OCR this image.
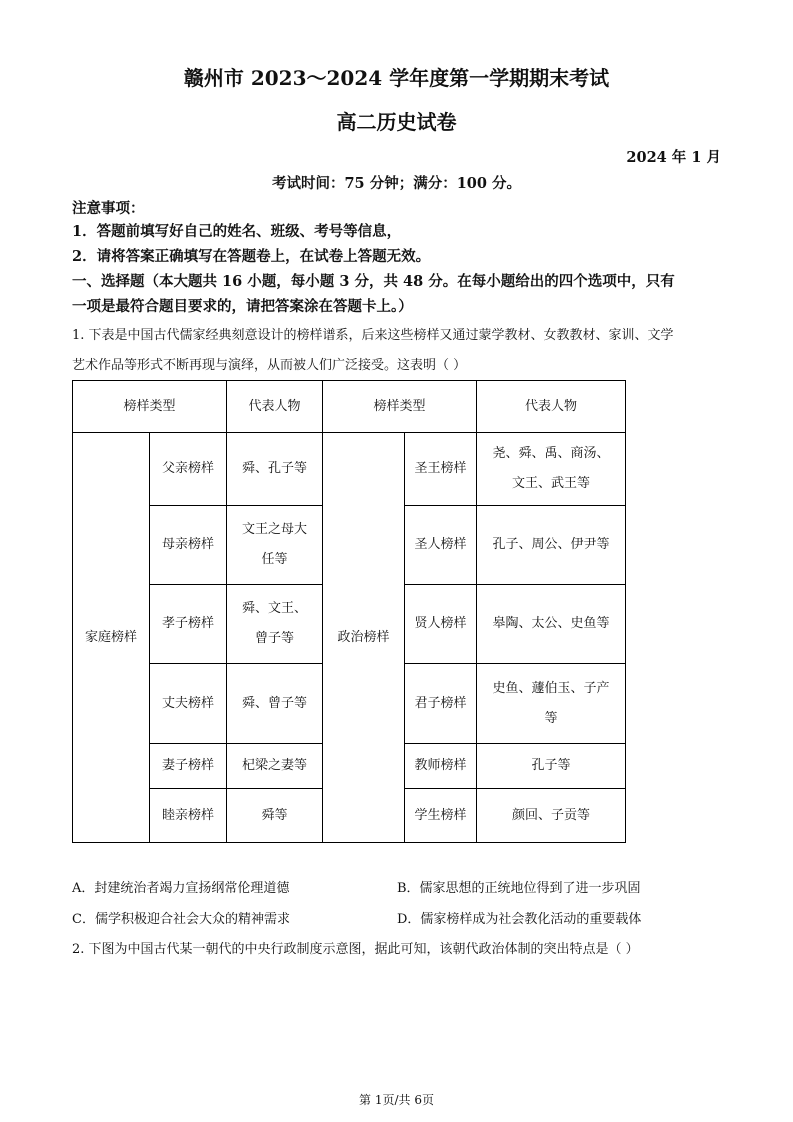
赣州市 2023～2024 学年度第一学期期末考试
高二历史试卷
2024 年 1 月
考试时间：75 分钟；满分：100 分。
注意事项：
1．答题前填写好自己的姓名、班级、考号等信息，
2．请将答案正确填写在答题卷上，在试卷上答题无效。
一、选择题（本大题共 16 小题，每小题 3 分，共 48 分。在每小题给出的四个选项中，只有
一项是最符合题目要求的，请把答案涂在答题卡上。）
1. 下表是中国古代儒家经典刻意设计的榜样谱系，后来这些榜样又通过蒙学教材、女教教材、家训、文学
艺术作品等形式不断再现与演绎，从而被人们广泛接受。这表明（ ）
榜样类型		代表人物	榜样类型		代表人物
家庭榜样	父亲榜样	舜、孔子等	政治榜样	圣王榜样	尧、舜、禹、商汤、
文王、武王等
	母亲榜样	文王之母大
任等		圣人榜样	孔子、周公、伊尹等
	孝子榜样	舜、文王、
曾子等		贤人榜样	皋陶、太公、史鱼等
	丈夫榜样	舜、曾子等		君子榜样	史鱼、蘧伯玉、子产
等
	妻子榜样	杞梁之妻等		教师榜样	孔子等
	睦亲榜样	舜等		学生榜样	颜回、子贡等
A．封建统治者竭力宣扬纲常伦理道德	B．儒家思想的正统地位得到了进一步巩固
C．儒学积极迎合社会大众的精神需求	D．儒家榜样成为社会教化活动的重要载体
2. 下图为中国古代某一朝代的中央行政制度示意图，据此可知，该朝代政治体制的突出特点是（ ）
第 1页/共 6页
